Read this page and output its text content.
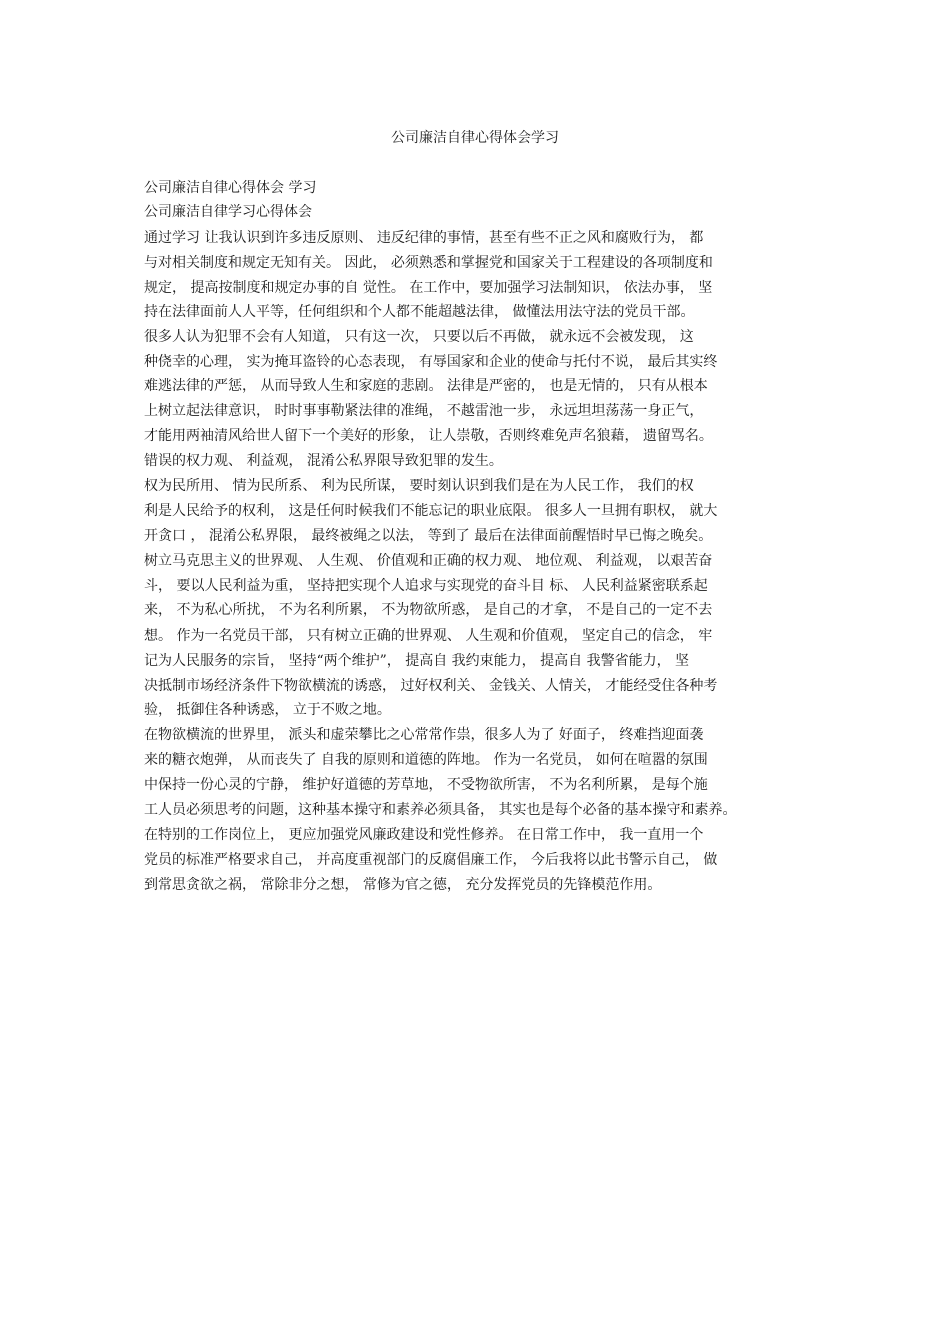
公司廉洁自律心得体会学习
公司廉洁自律心得体会 学习
公司廉洁自律学习心得体会
通过学习 让我认识到许多违反原则、 违反纪律的事情，甚至有些不正之风和腐败行为， 都
与对相关制度和规定无知有关。 因此， 必须熟悉和掌握党和国家关于工程建设的各项制度和
规定， 提高按制度和规定办事的自 觉性。 在工作中，要加强学习法制知识， 依法办事， 坚
持在法律面前人人平等，任何组织和个人都不能超越法律， 做懂法用法守法的党员干部。
很多人认为犯罪不会有人知道， 只有这一次， 只要以后不再做， 就永远不会被发现， 这
种侥幸的心理， 实为掩耳盗铃的心态表现， 有辱国家和企业的使命与托付不说， 最后其实终
难逃法律的严惩， 从而导致人生和家庭的悲剧。 法律是严密的， 也是无情的， 只有从根本
上树立起法律意识， 时时事事勒紧法律的准绳， 不越雷池一步， 永远坦坦荡荡一身正气，
才能用两袖清风给世人留下一个美好的形象， 让人崇敬，否则终难免声名狼藉， 遗留骂名。
错误的权力观、 利益观， 混淆公私界限导致犯罪的发生。
权为民所用、 情为民所系、 利为民所谋， 要时刻认识到我们是在为人民工作， 我们的权
利是人民给予的权利， 这是任何时候我们不能忘记的职业底限。 很多人一旦拥有职权， 就大
开贪口 ， 混淆公私界限， 最终被绳之以法， 等到了 最后在法律面前醒悟时早已悔之晚矣。
树立马克思主义的世界观、 人生观、 价值观和正确的权力观、 地位观、 利益观， 以艰苦奋
斗， 要以人民利益为重， 坚持把实现个人追求与实现党的奋斗目 标、 人民利益紧密联系起
来， 不为私心所扰， 不为名利所累， 不为物欲所惑， 是自己的才拿， 不是自己的一定不去
想。 作为一名党员干部， 只有树立正确的世界观、 人生观和价值观， 坚定自己的信念， 牢
记为人民服务的宗旨， 坚持“两个维护”， 提高自 我约束能力， 提高自 我警省能力， 坚
决抵制市场经济条件下物欲横流的诱惑， 过好权利关、 金钱关、人情关， 才能经受住各种考
验， 抵御住各种诱惑， 立于不败之地。
在物欲横流的世界里， 派头和虚荣攀比之心常常作祟，很多人为了 好面子， 终难挡迎面袭
来的糖衣炮弹， 从而丧失了 自我的原则和道德的阵地。 作为一名党员， 如何在喧嚣的氛围
中保持一份心灵的宁静， 维护好道德的芳草地， 不受物欲所害， 不为名利所累， 是每个施
工人员必须思考的问题，这种基本操守和素养必须具备， 其实也是每个必备的基本操守和素养。
在特别的工作岗位上， 更应加强党风廉政建设和党性修养。 在日常工作中， 我一直用一个
党员的标准严格要求自己， 并高度重视部门的反腐倡廉工作， 今后我将以此书警示自己， 做
到常思贪欲之祸， 常除非分之想， 常修为官之德， 充分发挥党员的先锋模范作用。
